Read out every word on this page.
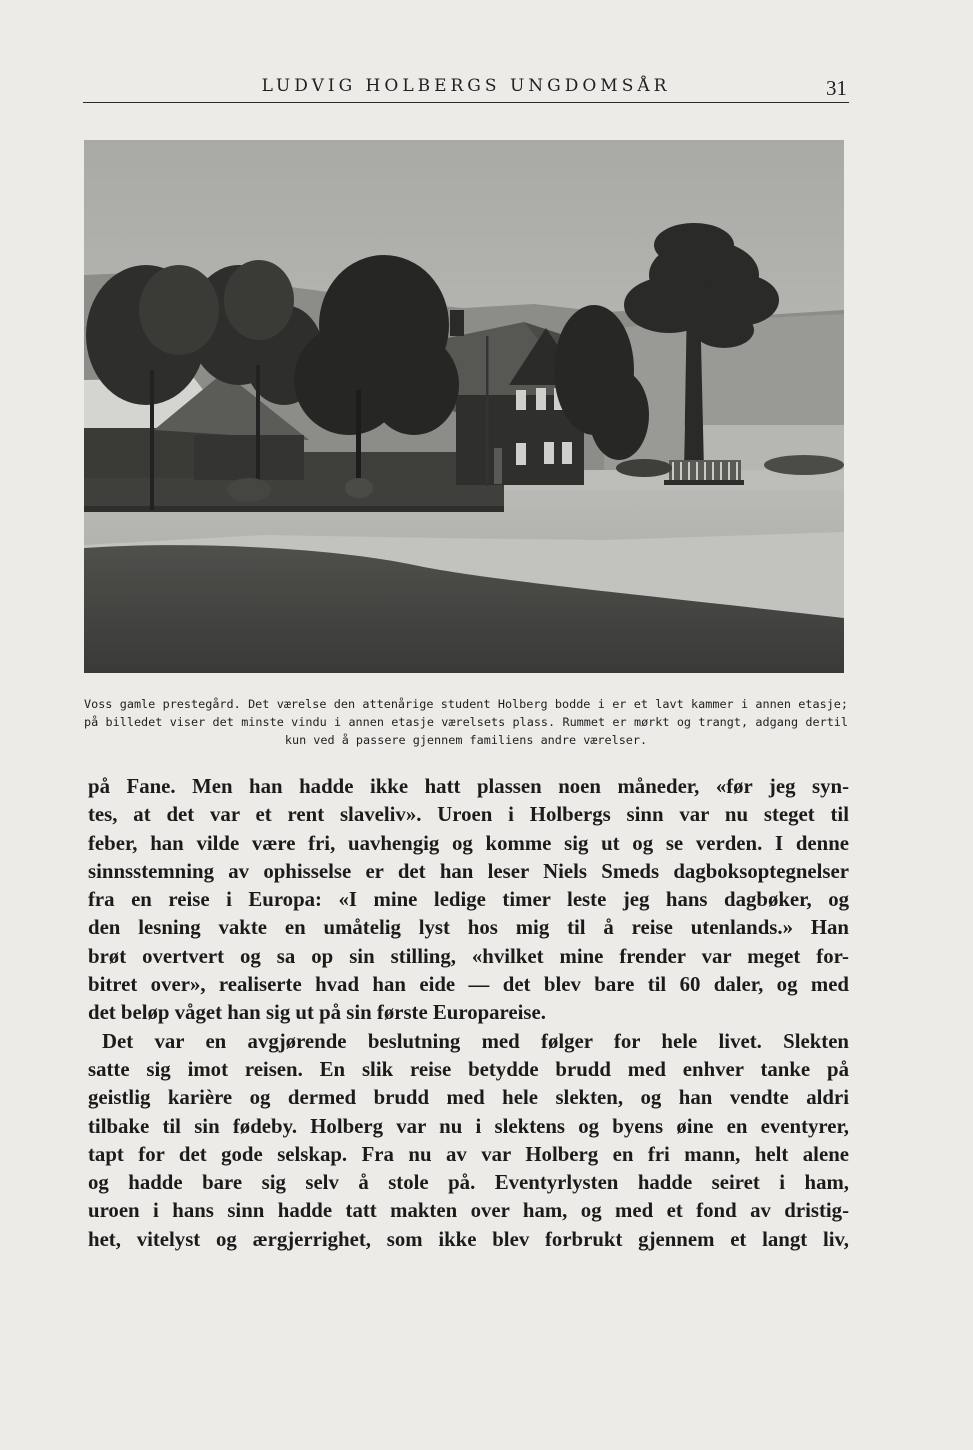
LUDVIG HOLBERGS UNGDOMSÅR	31
Voss gamle prestegård. Det værelse den attenårige student Holberg bodde i er et lavt kammer i annen etasje; på billedet viser det minste vindu i annen etasje værelsets plass. Rummet er mørkt og trangt, adgang dertil kun ved å passere gjennem familiens andre værelser.
på Fane. Men han hadde ikke hatt plassen noen måneder, «før jeg syn-
tes, at det var et rent slaveliv». Uroen i Holbergs sinn var nu steget til
feber, han vilde være fri, uavhengig og komme sig ut og se verden. I denne
sinnsstemning av ophisselse er det han leser Niels Smeds dagboksoptegnelser
fra en reise i Europa: «I mine ledige timer leste jeg hans dagbøker, og
den lesning vakte en umåtelig lyst hos mig til å reise utenlands.» Han
brøt overtvert og sa op sin stilling, «hvilket mine frender var meget for-
bitret over», realiserte hvad han eide — det blev bare til 60 daler, og med
det beløp våget han sig ut på sin første Europareise.
Det var en avgjørende beslutning med følger for hele livet. Slekten
satte sig imot reisen. En slik reise betydde brudd med enhver tanke på
geistlig karière og dermed brudd med hele slekten, og han vendte aldri
tilbake til sin fødeby. Holberg var nu i slektens og byens øine en eventyrer,
tapt for det gode selskap. Fra nu av var Holberg en fri mann, helt alene
og hadde bare sig selv å stole på. Eventyrlysten hadde seiret i ham,
uroen i hans sinn hadde tatt makten over ham, og med et fond av dristig-
het, vitelyst og ærgjerrighet, som ikke blev forbrukt gjennem et langt liv,
